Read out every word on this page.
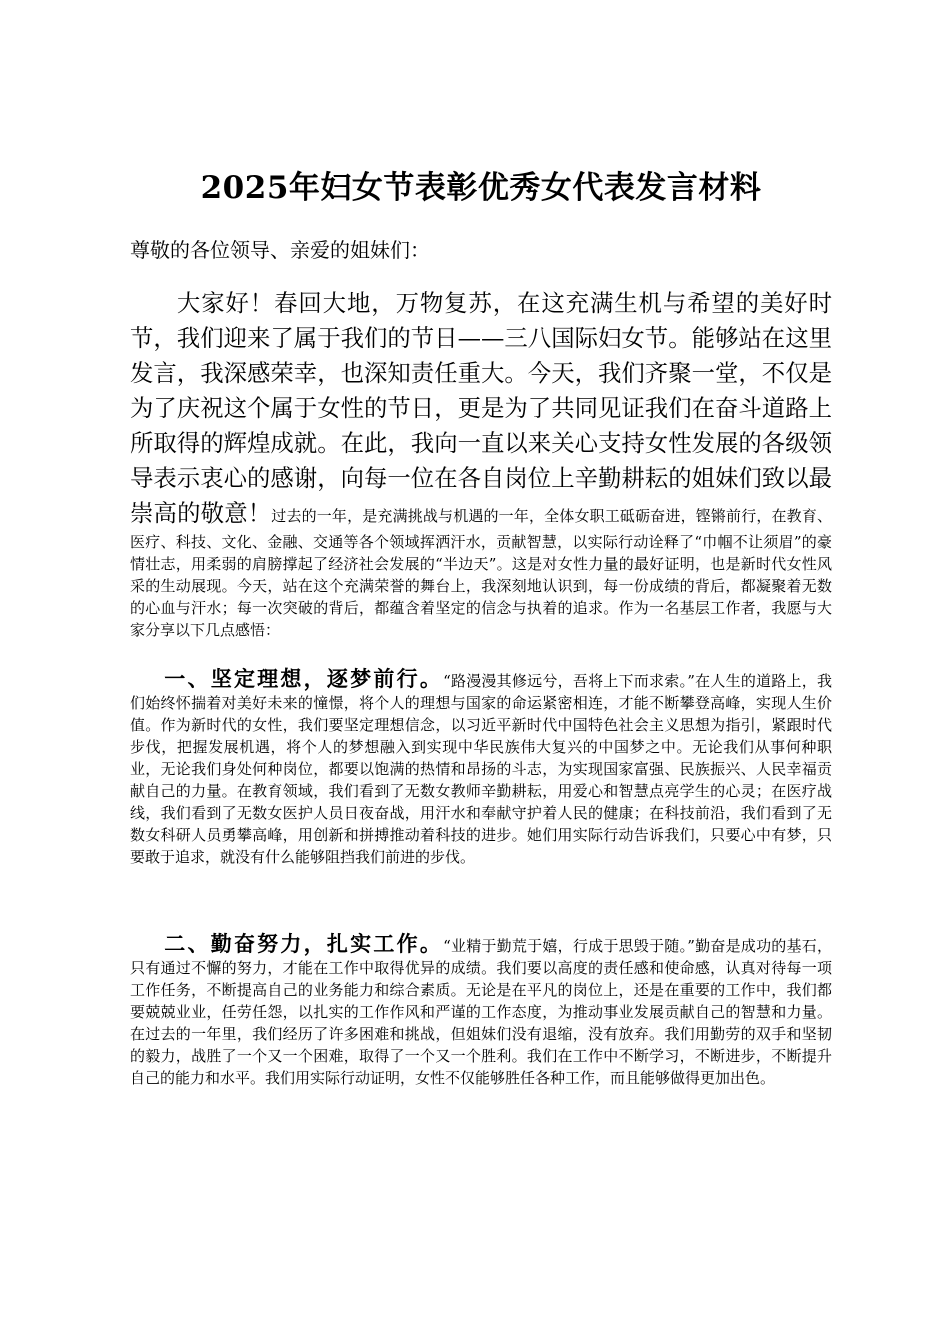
2025年妇女节表彰优秀女代表发言材料
尊敬的各位领导、亲爱的姐妹们：
大家好！春回大地，万物复苏，在这充满生机与希望的美好时节，我们迎来了属于我们的节日——三八国际妇女节。能够站在这里发言，我深感荣幸，也深知责任重大。今天，我们齐聚一堂，不仅是为了庆祝这个属于女性的节日，更是为了共同见证我们在奋斗道路上所取得的辉煌成就。在此，我向一直以来关心支持女性发展的各级领导表示衷心的感谢，向每一位在各自岗位上辛勤耕耘的姐妹们致以最崇高的敬意！过去的一年，是充满挑战与机遇的一年，全体女职工砥砺奋进，铿锵前行，在教育、医疗、科技、文化、金融、交通等各个领域挥洒汗水，贡献智慧，以实际行动诠释了“巾帼不让须眉”的豪情壮志，用柔弱的肩膀撑起了经济社会发展的“半边天”。这是对女性力量的最好证明，也是新时代女性风采的生动展现。今天，站在这个充满荣誉的舞台上，我深刻地认识到，每一份成绩的背后，都凝聚着无数的心血与汗水；每一次突破的背后，都蕴含着坚定的信念与执着的追求。作为一名基层工作者，我愿与大家分享以下几点感悟：
一、坚定理想，逐梦前行。“路漫漫其修远兮，吾将上下而求索。”在人生的道路上，我们始终怀揣着对美好未来的憧憬，将个人的理想与国家的命运紧密相连，才能不断攀登高峰，实现人生价值。作为新时代的女性，我们要坚定理想信念，以习近平新时代中国特色社会主义思想为指引，紧跟时代步伐，把握发展机遇，将个人的梦想融入到实现中华民族伟大复兴的中国梦之中。无论我们从事何种职业，无论我们身处何种岗位，都要以饱满的热情和昂扬的斗志，为实现国家富强、民族振兴、人民幸福贡献自己的力量。在教育领域，我们看到了无数女教师辛勤耕耘，用爱心和智慧点亮学生的心灵；在医疗战线，我们看到了无数女医护人员日夜奋战，用汗水和奉献守护着人民的健康；在科技前沿，我们看到了无数女科研人员勇攀高峰，用创新和拼搏推动着科技的进步。她们用实际行动告诉我们，只要心中有梦，只要敢于追求，就没有什么能够阻挡我们前进的步伐。
二、勤奋努力，扎实工作。“业精于勤荒于嬉，行成于思毁于随。”勤奋是成功的基石，只有通过不懈的努力，才能在工作中取得优异的成绩。我们要以高度的责任感和使命感，认真对待每一项工作任务，不断提高自己的业务能力和综合素质。无论是在平凡的岗位上，还是在重要的工作中，我们都要兢兢业业，任劳任怨，以扎实的工作作风和严谨的工作态度，为推动事业发展贡献自己的智慧和力量。在过去的一年里，我们经历了许多困难和挑战，但姐妹们没有退缩，没有放弃。我们用勤劳的双手和坚韧的毅力，战胜了一个又一个困难，取得了一个又一个胜利。我们在工作中不断学习，不断进步，不断提升自己的能力和水平。我们用实际行动证明，女性不仅能够胜任各种工作，而且能够做得更加出色。
